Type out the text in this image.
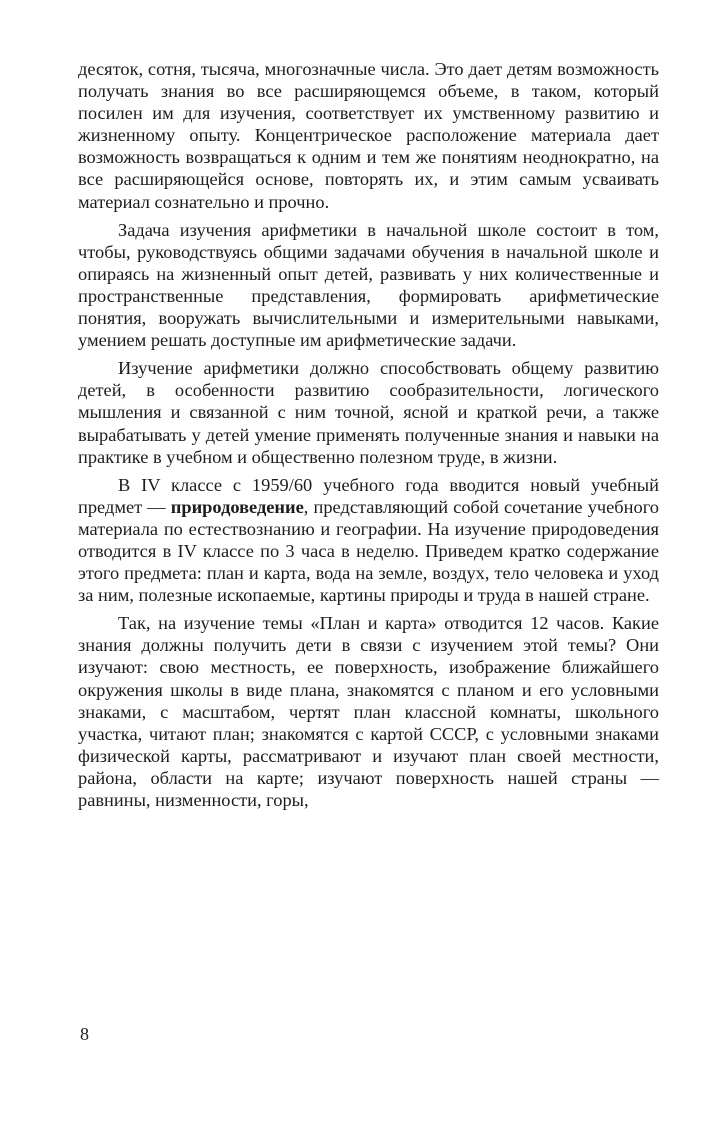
десяток, сотня, тысяча, многозначные числа. Это дает детям возможность получать знания во все расширяющемся объеме, в таком, который посилен им для изучения, соответствует их умственному развитию и жизненному опыту. Концентрическое расположение материала дает возможность возвращаться к одним и тем же понятиям неоднократно, на все расширяющейся основе, повторять их, и этим самым усваивать материал сознательно и прочно.

Задача изучения арифметики в начальной школе состоит в том, чтобы, руководствуясь общими задачами обучения в начальной школе и опираясь на жизненный опыт детей, развивать у них количественные и пространственные представления, формировать арифметические понятия, вооружать вычислительными и измерительными навыками, умением решать доступные им арифметические задачи.

Изучение арифметики должно способствовать общему развитию детей, в особенности развитию сообразительности, логического мышления и связанной с ним точной, ясной и краткой речи, а также вырабатывать у детей умение применять полученные знания и навыки на практике в учебном и общественно полезном труде, в жизни.

В IV классе с 1959/60 учебного года вводится новый учебный предмет — природоведение, представляющий собой сочетание учебного материала по естествознанию и географии. На изучение природоведения отводится в IV классе по 3 часа в неделю. Приведем кратко содержание этого предмета: план и карта, вода на земле, воздух, тело человека и уход за ним, полезные ископаемые, картины природы и труда в нашей стране.

Так, на изучение темы «План и карта» отводится 12 часов. Какие знания должны получить дети в связи с изучением этой темы? Они изучают: свою местность, ее поверхность, изображение ближайшего окружения школы в виде плана, знакомятся с планом и его условными знаками, с масштабом, чертят план классной комнаты, школьного участка, читают план; знакомятся с картой СССР, с условными знаками физической карты, рассматривают и изучают план своей местности, района, области на карте; изучают поверхность нашей страны — равнины, низменности, горы,

8
